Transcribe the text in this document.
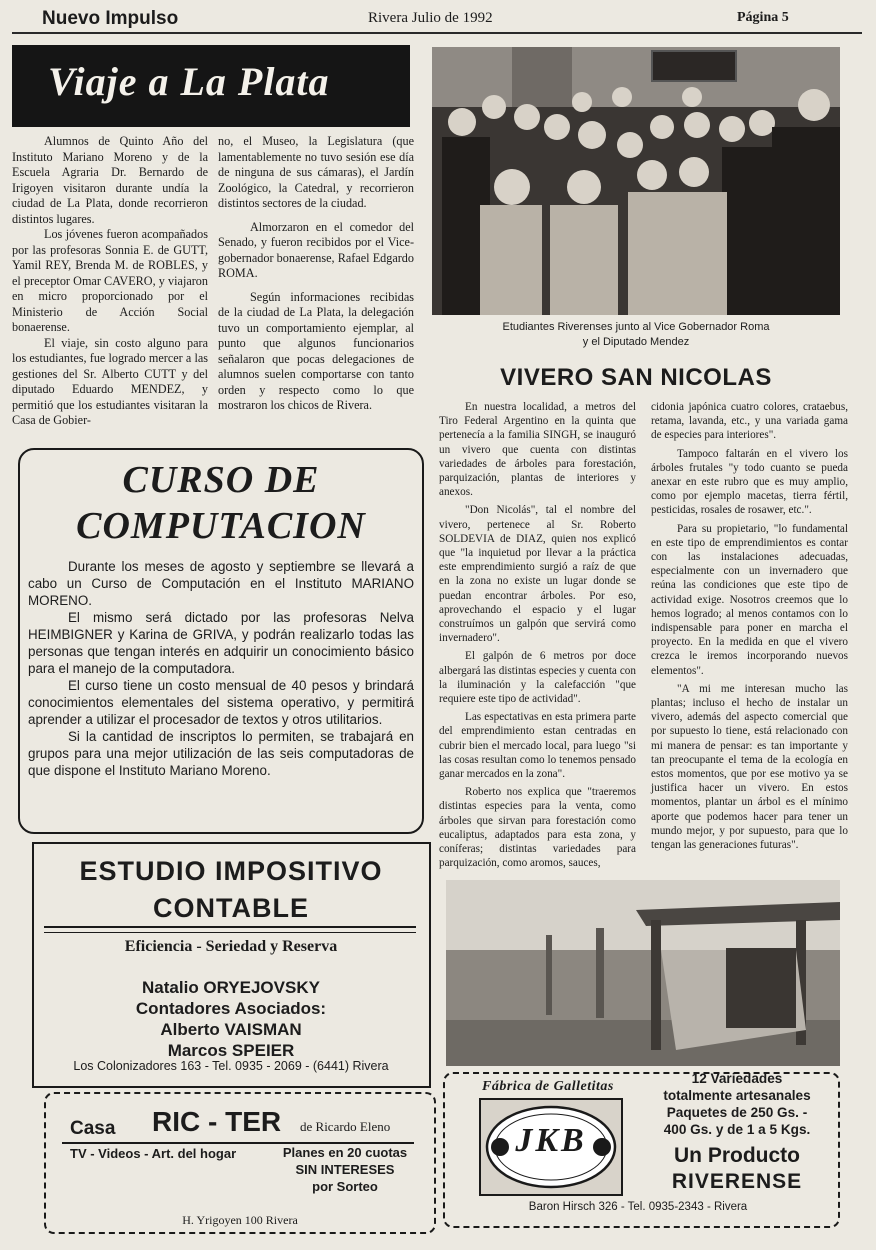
Nuevo Impulso	Rivera Julio de 1992	Página 5
Viaje a La Plata

Alumnos de Quinto Año del Instituto Mariano Moreno y de la Escuela Agraria Dr. Bernardo de Irigoyen visitaron durante undía la ciudad de La Plata, donde recorrieron distintos lugares.

Los jóvenes fueron acompañados por las profesoras Sonnia E. de GUTT, Yamil REY, Brenda M. de ROBLES, y el preceptor Omar CAVERO, y viajaron en micro proporcionado por el Ministerio de Acción Social bonaerense.

El viaje, sin costo alguno para los estudiantes, fue logrado mercer a las gestiones del Sr. Alberto CUTT y del diputado Eduardo MENDEZ, y permitió que los estudiantes visitaran la Casa de Gobier-

no, el Museo, la Legislatura (que lamentablemente no tuvo sesión ese día de ninguna de sus cámaras), el Jardín Zoológico, la Catedral, y recorrieron distintos sectores de la ciudad.

Almorzaron en el comedor del Senado, y fueron recibidos por el Vice-gobernador bonaerense, Rafael Edgardo ROMA.

Según informaciones recibidas de la ciudad de La Plata, la delegación tuvo un comportamiento ejemplar, al punto que algunos funcionarios señalaron que pocas delegaciones de alumnos suelen comportarse con tanto orden y respecto como lo que mostraron los chicos de Rivera.

Etudiantes Riverenses junto al Vice Gobernador Roma
y el Diputado Mendez
VIVERO SAN NICOLAS

En nuestra localidad, a metros del Tiro Federal Argentino en la quinta que pertenecía a la familia SINGH, se inauguró un vivero que cuenta con distintas variedades de árboles para forestación, parquización, plantas de interiores y anexos.

"Don Nicolás", tal el nombre del vivero, pertenece al Sr. Roberto SOLDEVIA de DIAZ, quien nos explicó que "la inquietud por llevar a la práctica este emprendimiento surgió a raíz de que en la zona no existe un lugar donde se puedan encontrar árboles. Por eso, aprovechando el espacio y el lugar construímos un galpón que servirá como invernadero".

El galpón de 6 metros por doce albergará las distintas especies y cuenta con la iluminación y la calefacción "que requiere este tipo de actividad".

Las espectativas en esta primera parte del emprendimiento estan centradas en cubrir bien el mercado local, para luego "si las cosas resultan como lo tenemos pensado ganar mercados en la zona".

Roberto nos explica que "traeremos distintas especies para la venta, como árboles que sirvan para forestación como eucaliptus, adaptados para esta zona, y coníferas; distintas variedades para parquización, como aromos, sauces,

cidonia japónica cuatro colores, crataebus, retama, lavanda, etc., y una variada gama de especies para interiores".

Tampoco faltarán en el vivero los árboles frutales "y todo cuanto se pueda anexar en este rubro que es muy amplio, como por ejemplo macetas, tierra fértil, pesticidas, rosales de rosawer, etc.".

Para su propietario, "lo fundamental en este tipo de emprendimientos es contar con las instalaciones adecuadas, especialmente con un invernadero que reúna las condiciones que este tipo de actividad exige. Nosotros creemos que lo hemos logrado; al menos contamos con lo indispensable para poner en marcha el proyecto. En la medida en que el vivero crezca le iremos incorporando nuevos elementos".

"A mi me interesan mucho las plantas; incluso el hecho de instalar un vivero, además del aspecto comercial que por supuesto lo tiene, está relacionado con mi manera de pensar: es tan importante y tan preocupante el tema de la ecología en estos momentos, que por ese motivo ya se justifica hacer un vivero. En estos momentos, plantar un árbol es el mínimo aporte que podemos hacer para tener un mundo mejor, y por supuesto, para que lo tengan las generaciones futuras".

CURSO DE
COMPUTACION

Durante los meses de agosto y septiembre se llevará a cabo un Curso de Computación en el Instituto MARIANO MORENO.

El mismo será dictado por las profesoras Nelva HEIMBIGNER y Karina de GRIVA, y podrán realizarlo todas las personas que tengan interés en adquirir un conocimiento básico para el manejo de la computadora.

El curso tiene un costo mensual de 40 pesos y brindará conocimientos elementales del sistema operativo, y permitirá aprender a utilizar el procesador de textos y otros utilitarios.

Si la cantidad de inscriptos lo permiten, se trabajará en grupos para una mejor utilización de las seis computadoras de que dispone el Instituto Mariano Moreno.

ESTUDIO IMPOSITIVO
CONTABLE
Eficiencia - Seriedad y Reserva
Natalio ORYEJOVSKY
Contadores Asociados:
Alberto VAISMAN
Marcos SPEIER
Los Colonizadores 163 - Tel. 0935 - 2069 - (6441) Rivera
Casa RIC - TER de Ricardo Eleno
TV - Videos - Art. del hogar	Planes en 20 cuotas
SIN INTERESES
por Sorteo
H. Yrigoyen 100 Rivera
Fábrica de Galletitas
JKB
12 Variedades
totalmente artesanales
Paquetes de 250 Gs. -
400 Gs. y de 1 a 5 Kgs.
Un Producto
RIVERENSE
Baron Hirsch 326 - Tel. 0935-2343 - Rivera
